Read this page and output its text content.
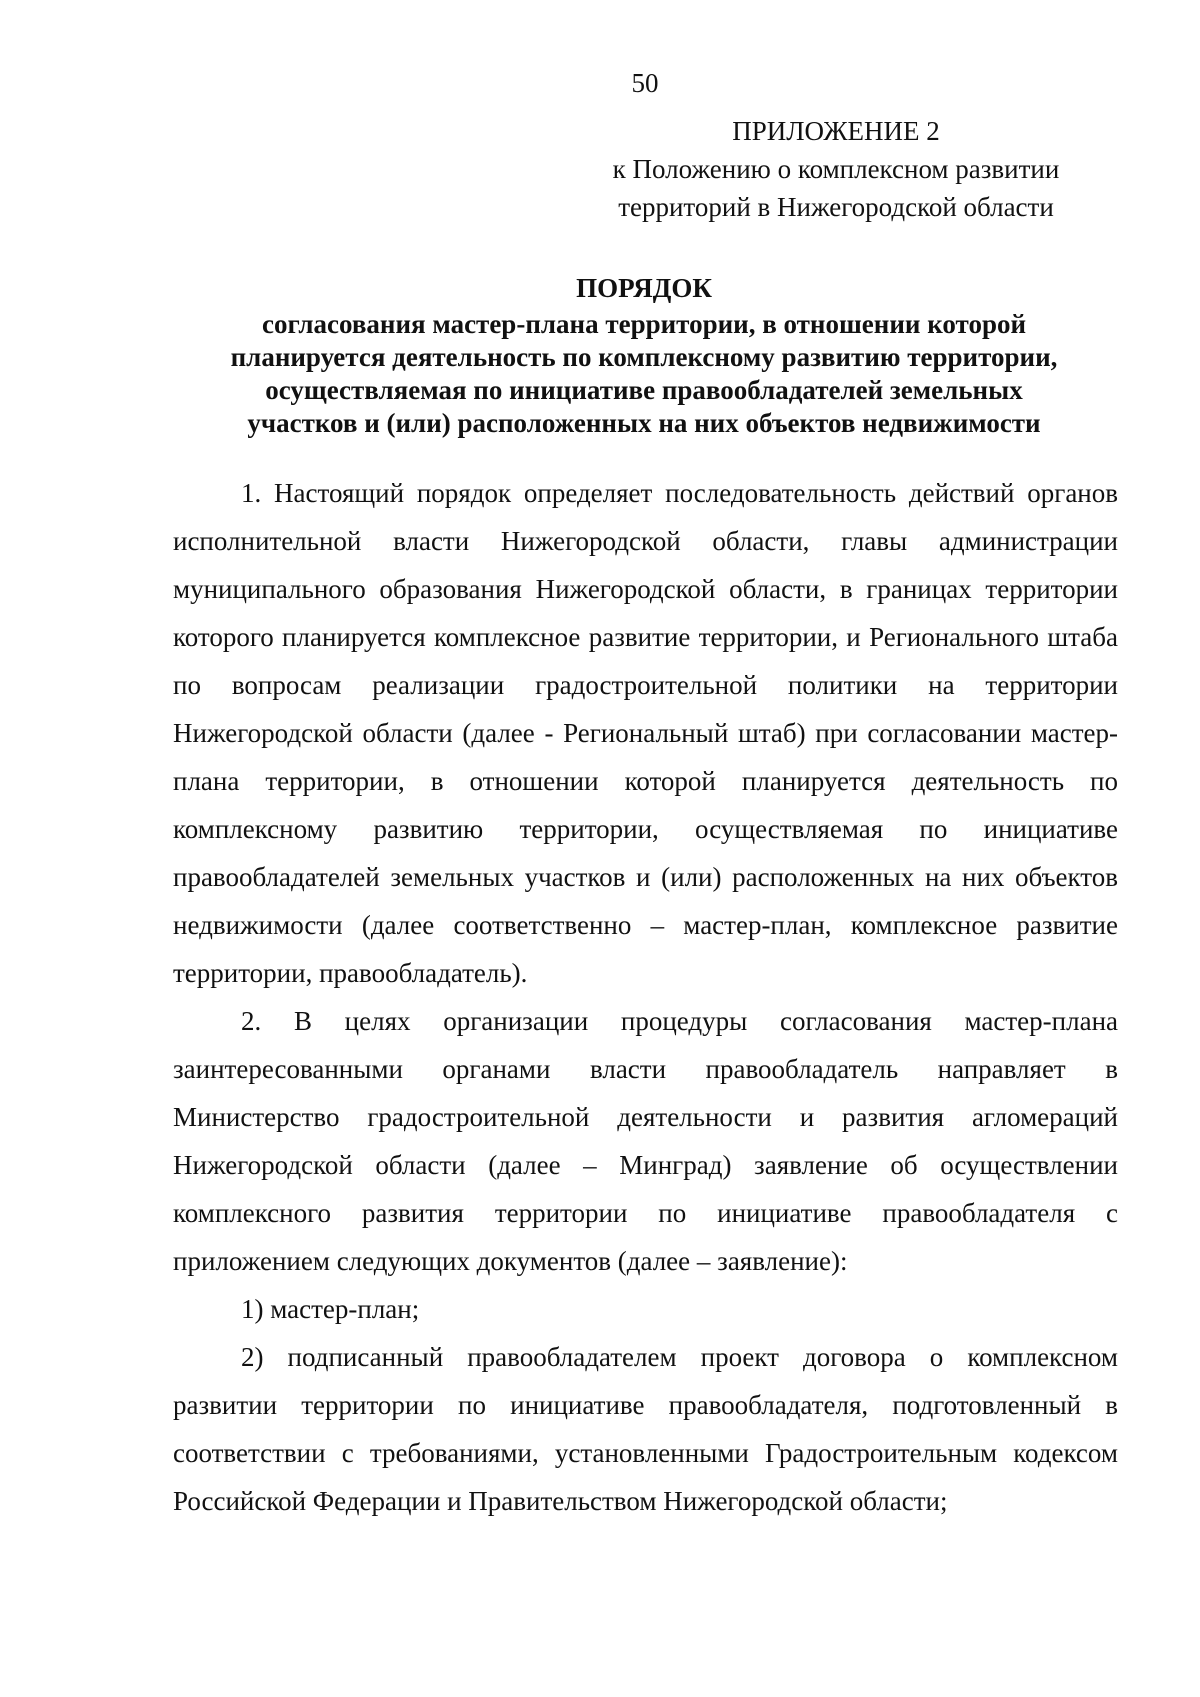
50
ПРИЛОЖЕНИЕ 2
к Положению о комплексном развитии
территорий в Нижегородской области
ПОРЯДОК
согласования мастер-плана территории, в отношении которой
планируется деятельность по комплексному развитию территории,
осуществляемая по инициативе правообладателей земельных
участков и (или) расположенных на них объектов недвижимости

1. Настоящий порядок определяет последовательность действий органов исполнительной власти Нижегородской области, главы администрации муниципального образования Нижегородской области, в границах территории которого планируется комплексное развитие территории, и Регионального штаба по вопросам реализации градостроительной политики на территории Нижегородской области (далее - Региональный штаб) при согласовании мастер-плана территории, в отношении которой планируется деятельность по комплексному развитию территории, осуществляемая по инициативе правообладателей земельных участков и (или) расположенных на них объектов недвижимости (далее соответственно – мастер-план, комплексное развитие территории, правообладатель).

2. В целях организации процедуры согласования мастер-плана заинтересованными органами власти правообладатель направляет в Министерство градостроительной деятельности и развития агломераций Нижегородской области (далее – Минград) заявление об осуществлении комплексного развития территории по инициативе правообладателя с приложением следующих документов (далее – заявление):

1) мастер-план;

2) подписанный правообладателем проект договора о комплексном развитии территории по инициативе правообладателя, подготовленный в соответствии с требованиями, установленными Градостроительным кодексом Российской Федерации и Правительством Нижегородской области;
